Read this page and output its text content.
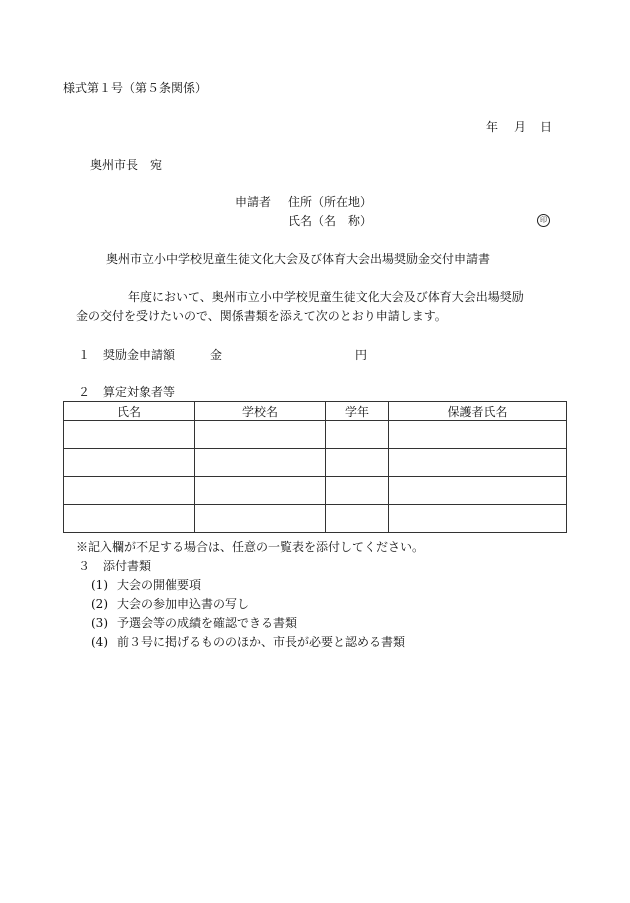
様式第１号（第５条関係）
年 月 日
奥州市長　宛
申請者 住所（所在地）
氏名（名　称）	印
奥州市立小中学校児童生徒文化大会及び体育大会出場奨励金交付申請書
年度において、奥州市立小中学校児童生徒文化大会及び体育大会出場奨励
金の交付を受けたいので、関係書類を添えて次のとおり申請します。
１ 奨励金申請額	金	円
２ 算定対象者等
氏名	学校名	学年	保護者氏名

※記入欄が不足する場合は、任意の一覧表を添付してください。
３ 添付書類
(1) 大会の開催要項
(2) 大会の参加申込書の写し
(3) 予選会等の成績を確認できる書類
(4) 前３号に掲げるもののほか、市長が必要と認める書類
